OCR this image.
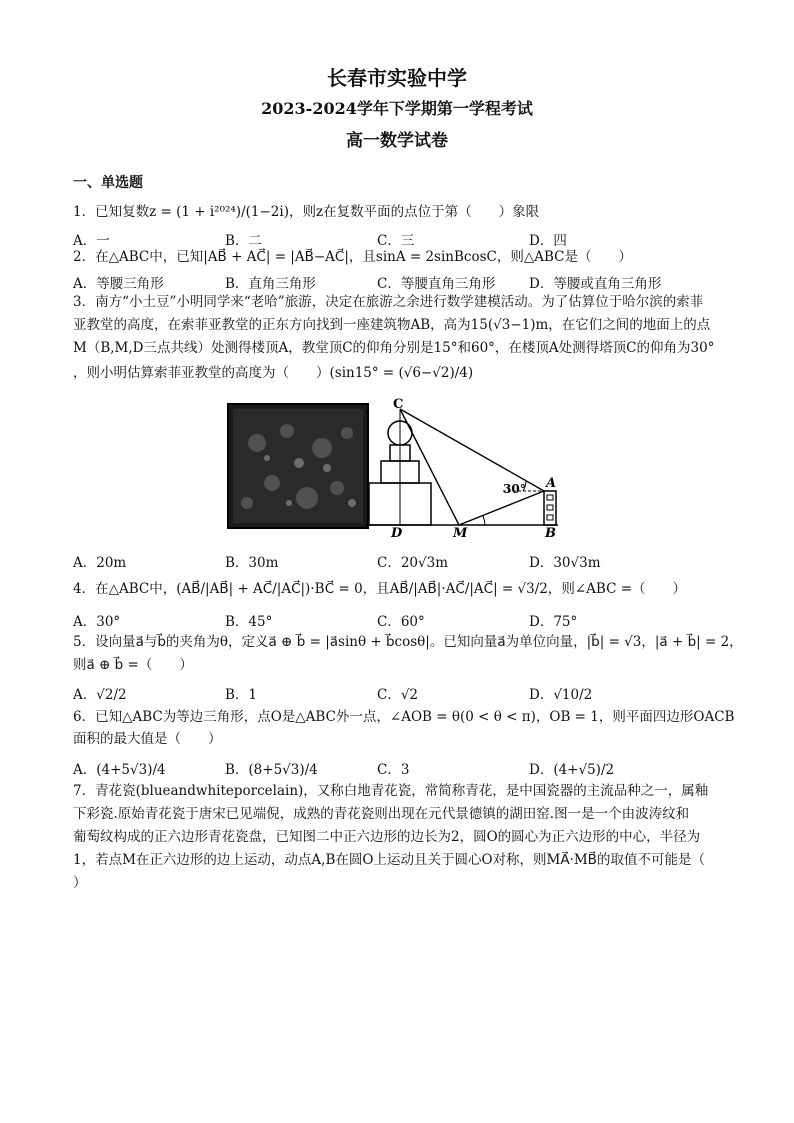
长春市实验中学
2023-2024学年下学期第一学程考试
高一数学试卷
一、单选题
1．已知复数z = (1 + i²⁰²⁴)/(1−2i)，则z在复数平面的点位于第（　　）象限
A．一	B．二	C．三	D．四
2．在△ABC中，已知|AB⃗ + AC⃗| = |AB⃗−AC⃗|，且sinA = 2sinBcosC，则△ABC是（　　）
A．等腰三角形	B．直角三角形	C．等腰直角三角形 D．等腰或直角三角形
3．南方“小土豆”小明同学来“老哈”旅游，决定在旅游之余进行数学建模活动。为了估算位于哈尔滨的索菲
亚教堂的高度，在索菲亚教堂的正东方向找到一座建筑物AB，高为15(√3−1)m，在它们之间的地面上的点
M（B,M,D三点共线）处测得楼顶A，教堂顶C的仰角分别是15°和60°，在楼顶A处测得塔顶C的仰角为30°
，则小明估算索菲亚教堂的高度为（　　）(sin15° = (√6−√2)/4)
C
A
D	M	B
30°
A．20m	B．30m	C．20√3m	D．30√3m
4．在△ABC中，(AB⃗/|AB⃗| + AC⃗/|AC⃗|)·BC⃗ = 0，且AB⃗/|AB⃗|·AC⃗/|AC⃗| = √3/2，则∠ABC =（　　）
A．30°	B．45°	C．60°	D．75°
5．设向量a⃗与b⃗的夹角为θ，定义a⃗ ⊕ b⃗ = |a⃗sinθ + b⃗cosθ|。已知向量a⃗为单位向量，|b⃗| = √3，|a⃗ + b⃗| = 2，
则a⃗ ⊕ b⃗ =（　　）
A．√2/2	B．1	C．√2	D．√10/2
6．已知△ABC为等边三角形，点O是△ABC外一点，∠AOB = θ(0 < θ < π)，OB = 1，则平面四边形OACB
面积的最大值是（　　）
A．(4+5√3)/4	B．(8+5√3)/4	C．3	D．(4+√5)/2
7．青花瓷(blueandwhiteporcelain)，又称白地青花瓷，常简称青花，是中国瓷器的主流品种之一，属釉
下彩瓷.原始青花瓷于唐宋已见端倪，成熟的青花瓷则出现在元代景德镇的湖田窑.图一是一个由波涛纹和
葡萄纹构成的正六边形青花瓷盘，已知图二中正六边形的边长为2，圆O的圆心为正六边形的中心，半径为
1，若点M在正六边形的边上运动，动点A,B在圆O上运动且关于圆心O对称，则MA⃗·MB⃗的取值不可能是（
）
